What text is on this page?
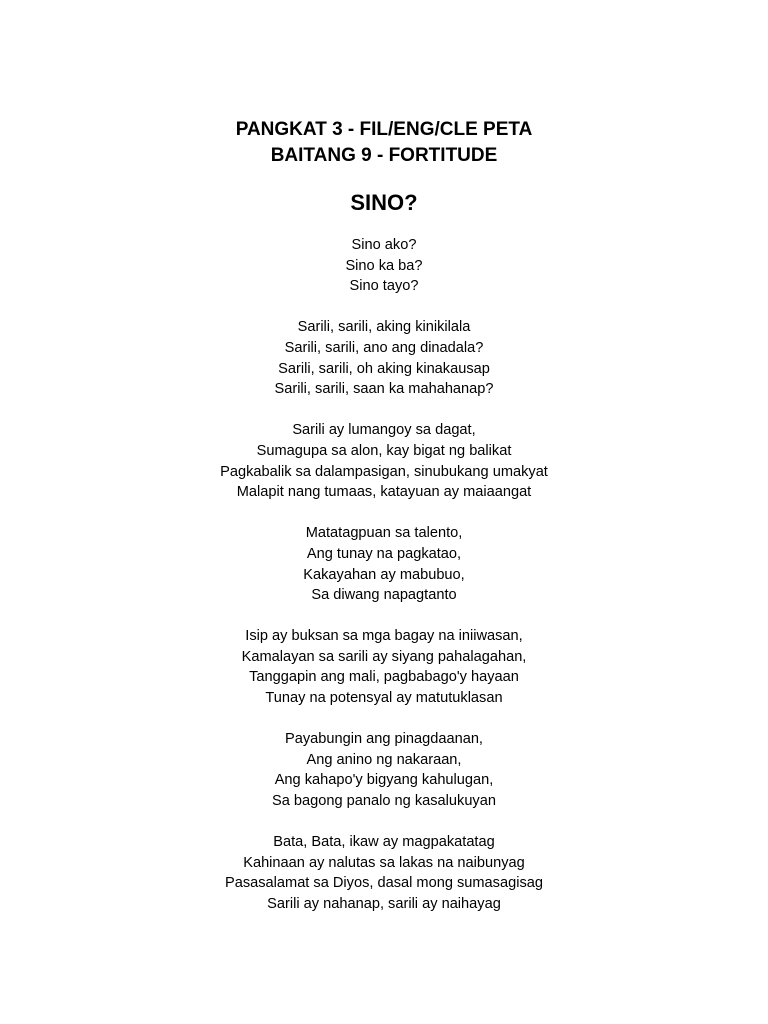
PANGKAT 3 - FIL/ENG/CLE PETA
BAITANG 9 - FORTITUDE
SINO?
Sino ako?
Sino ka ba?
Sino tayo?
Sarili, sarili, aking kinikilala
Sarili, sarili, ano ang dinadala?
Sarili, sarili, oh aking kinakausap
Sarili, sarili, saan ka mahahanap?
Sarili ay lumangoy sa dagat,
Sumagupa sa alon, kay bigat ng balikat
Pagkabalik sa dalampasigan, sinubukang umakyat
Malapit nang tumaas, katayuan ay maiaangat
Matatagpuan sa talento,
Ang tunay na pagkatao,
Kakayahan ay mabubuo,
Sa diwang napagtanto
Isip ay buksan sa mga bagay na iniiwasan,
Kamalayan sa sarili ay siyang pahalagahan,
Tanggapin ang mali, pagbabago'y hayaan
Tunay na potensyal ay matutuklasan
Payabungin ang pinagdaanan,
Ang anino ng nakaraan,
Ang kahapo'y bigyang kahulugan,
Sa bagong panalo ng kasalukuyan
Bata, Bata, ikaw ay magpakatatag
Kahinaan ay nalutas sa lakas na naibunyag
Pasasalamat sa Diyos, dasal mong sumasagisag
Sarili ay nahanap, sarili ay naihayag
